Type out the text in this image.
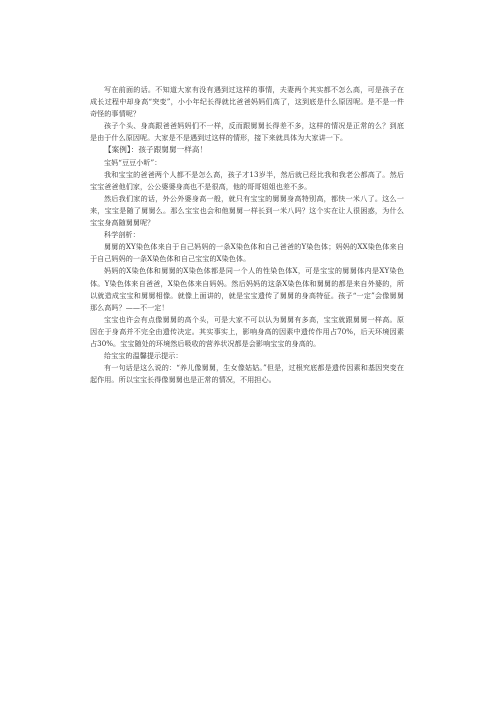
写在前面的话。不知道大家有没有遇到过这样的事情，夫妻两个其实都不怎么高，可是孩子在成长过程中却身高“突变”，小小年纪长得就比爸爸妈妈们高了，这到底是什么原因呢。是不是一件奇怪的事情呢？

孩子个头、身高跟爸爸妈妈们不一样，反而跟舅舅长得差不多，这样的情况是正常的么？到底是由于什么原因呢。大家是不是遇到过这样的情形，接下来就具体为大家讲一下。

【案例】：孩子跟舅舅一样高！

宝妈“豆豆小昕”：

我和宝宝的爸爸两个人都不是怎么高，孩子才13岁半，然后就已经比我和我老公都高了。然后宝宝爸爸他们家，公公婆婆身高也不是很高，他的哥哥姐姐也差不多。

然后我们家的话，外公外婆身高一般，就只有宝宝的舅舅身高特别高，都快一米八了。这么一来，宝宝是随了舅舅么。那么宝宝也会和他舅舅一样长到一米八吗？这个实在让人很困惑，为什么宝宝身高随舅舅呢？

科学剖析：

舅舅的XY染色体来自于自己妈妈的一条X染色体和自己爸爸的Y染色体；妈妈的XX染色体来自于自己妈妈的一条X染色体和自己宝宝的X染色体。

妈妈的X染色体和舅舅的X染色体都是同一个人的性染色体X，可是宝宝的舅舅体内是XY染色体。Y染色体来自爸爸，X染色体来自妈妈。然后妈妈的这条X染色体和舅舅的都是来自外婆的，所以就造成宝宝和舅舅相像。就像上面讲的，就是宝宝遗传了舅舅的身高特征。孩子“一定”会像舅舅那么高吗？——不一定！

宝宝也许会有点像舅舅的高个头，可是大家不可以认为舅舅有多高，宝宝就跟舅舅一样高。原因在于身高并不完全由遗传决定。其实事实上，影响身高的因素中遗传作用占70%，后天环境因素占30%。宝宝随处的环境然后吸收的营养状况都是会影响宝宝的身高的。

给宝宝的温馨提示提示：

有一句话是这么说的：“养儿像舅舅，生女像姑姑。”但是，过根究底都是遗传因素和基因突变在起作用。所以宝宝长得像舅舅也是正常的情况，不用担心。
